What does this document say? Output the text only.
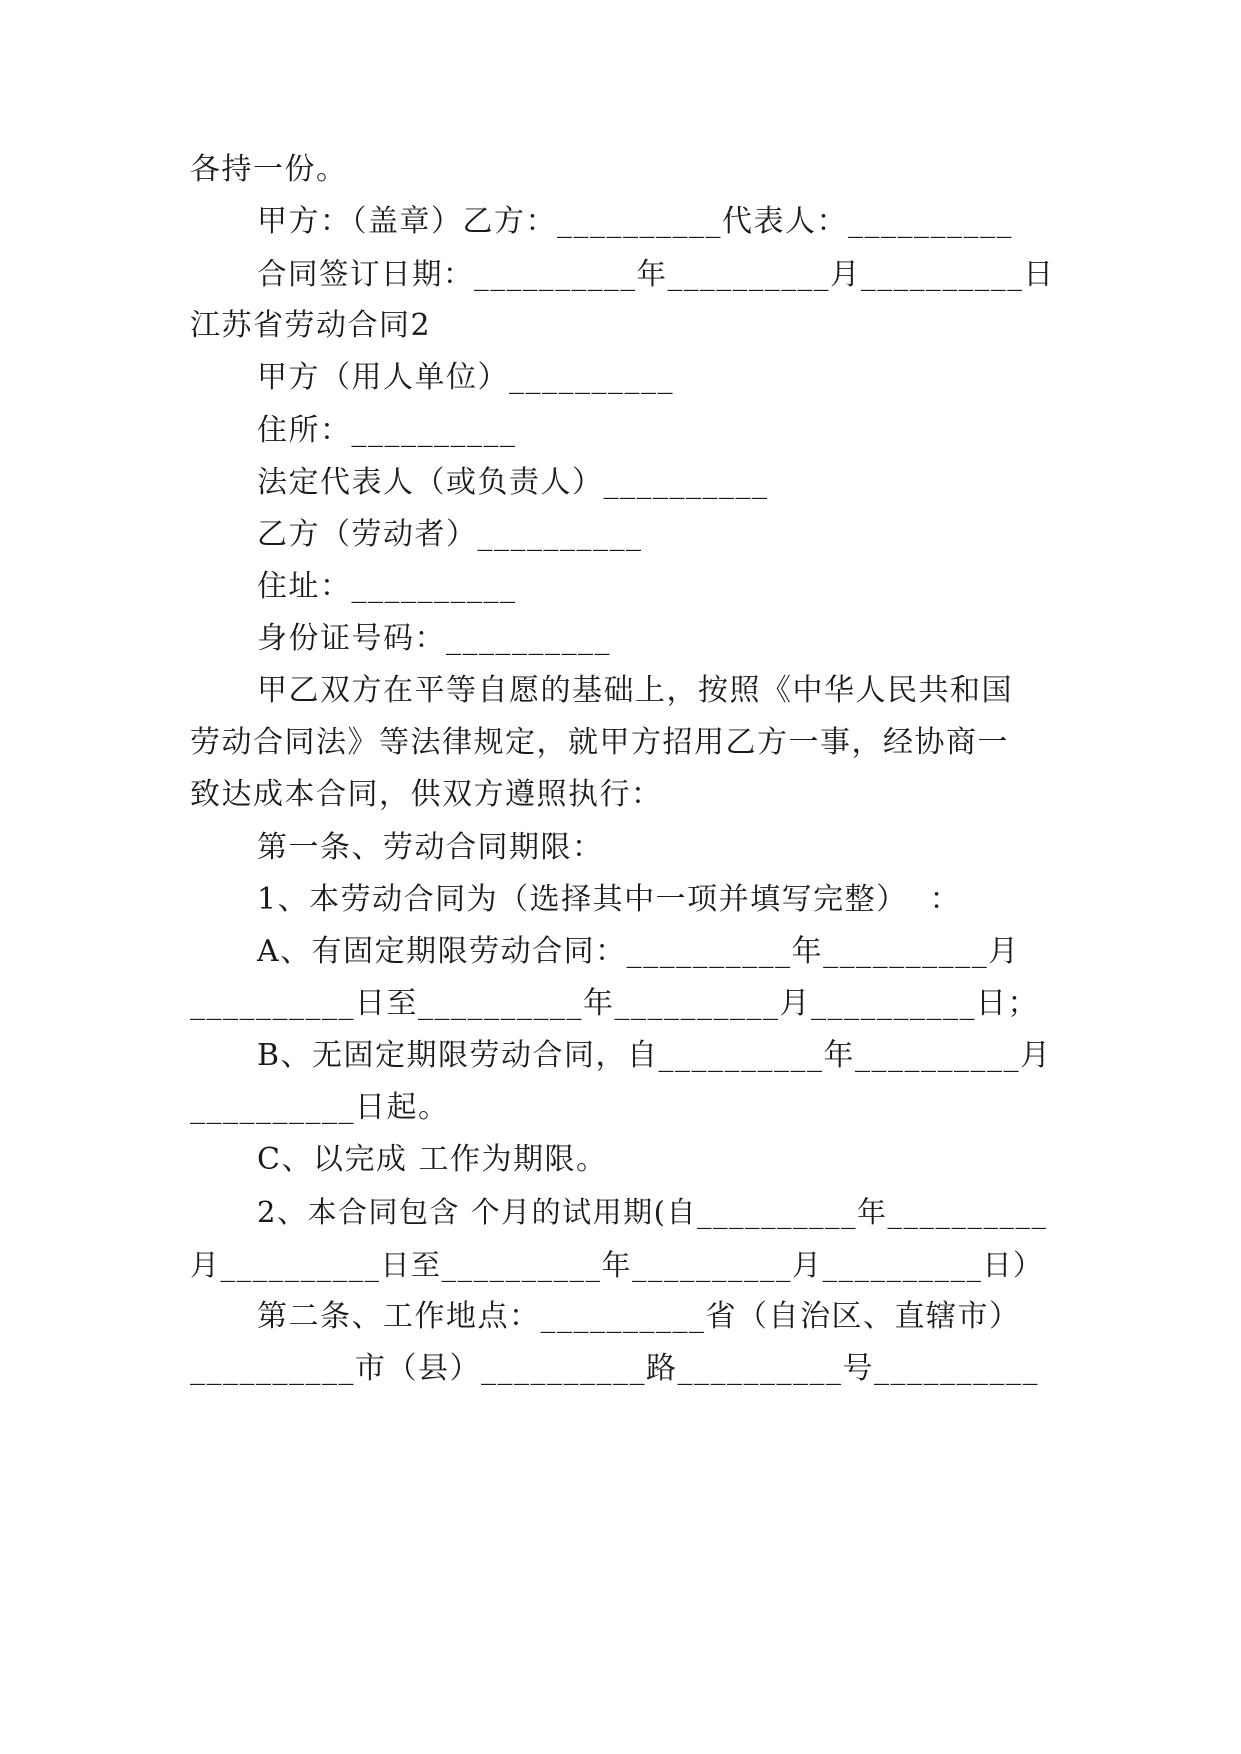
各持一份。
甲方：（盖章）乙方：__________代表人：__________
合同签订日期：__________年__________月__________日
江苏省劳动合同2
甲方（用人单位）__________
住所：__________
法定代表人（或负责人）__________
乙方（劳动者）__________
住址：__________
身份证号码：__________
甲乙双方在平等自愿的基础上，按照《中华人民共和国
劳动合同法》等法律规定，就甲方招用乙方一事，经协商一
致达成本合同，供双方遵照执行：
第一条、劳动合同期限：
1、本劳动合同为（选择其中一项并填写完整）  ：
A、有固定期限劳动合同：__________年__________月
__________日至__________年__________月__________日；
B、无固定期限劳动合同，自__________年__________月
__________日起。
C、以完成 工作为期限。
2、本合同包含 个月的试用期(自__________年__________
月__________日至__________年__________月__________日）
第二条、工作地点：__________省（自治区、直辖市）
__________市（县）__________路__________号__________
